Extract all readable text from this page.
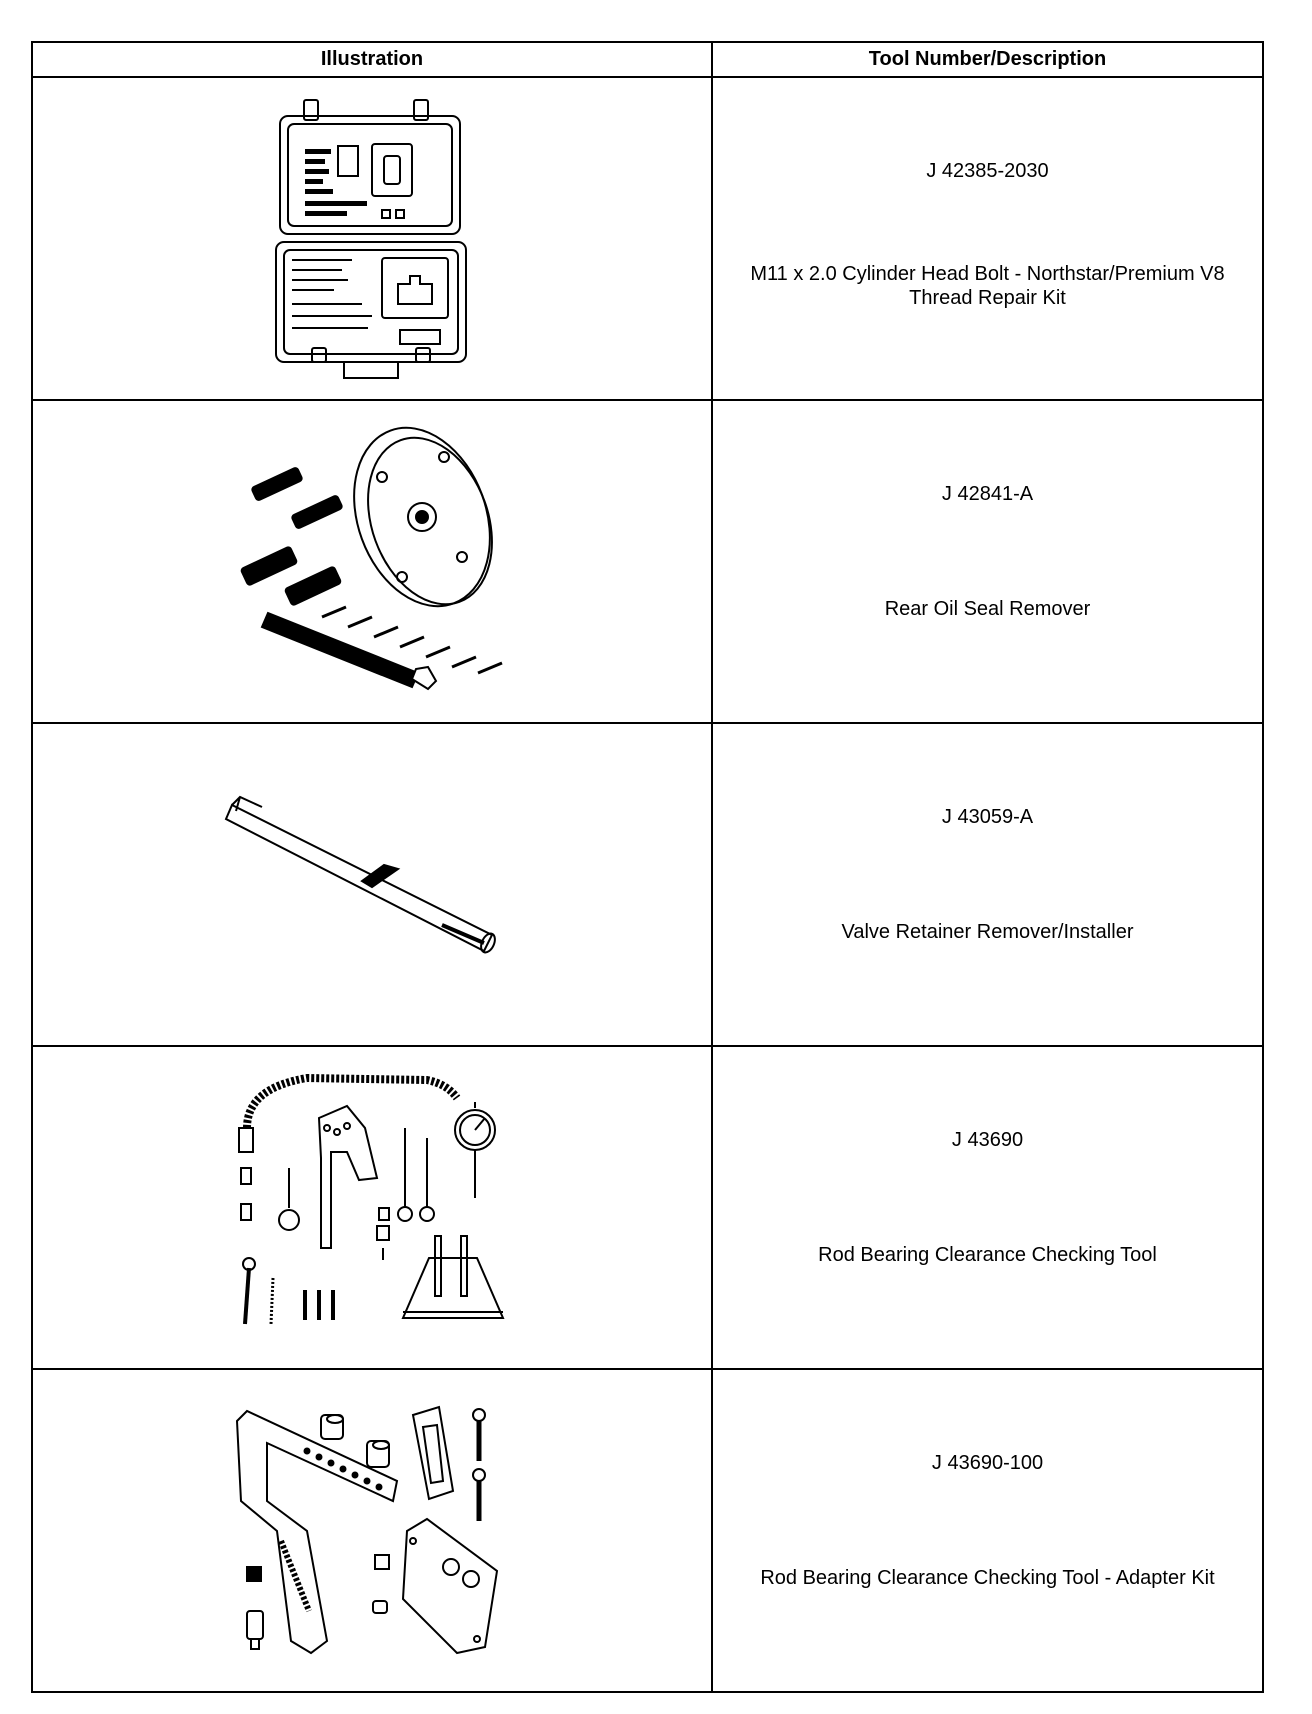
Illustration	Tool Number/Description

J 42385-2030
M11 x 2.0 Cylinder Head Bolt - Northstar/Premium V8 Thread Repair Kit

J 42841-A
Rear Oil Seal Remover

J 43059-A
Valve Retainer Remover/Installer

J 43690
Rod Bearing Clearance Checking Tool

J 43690-100
Rod Bearing Clearance Checking Tool - Adapter Kit
